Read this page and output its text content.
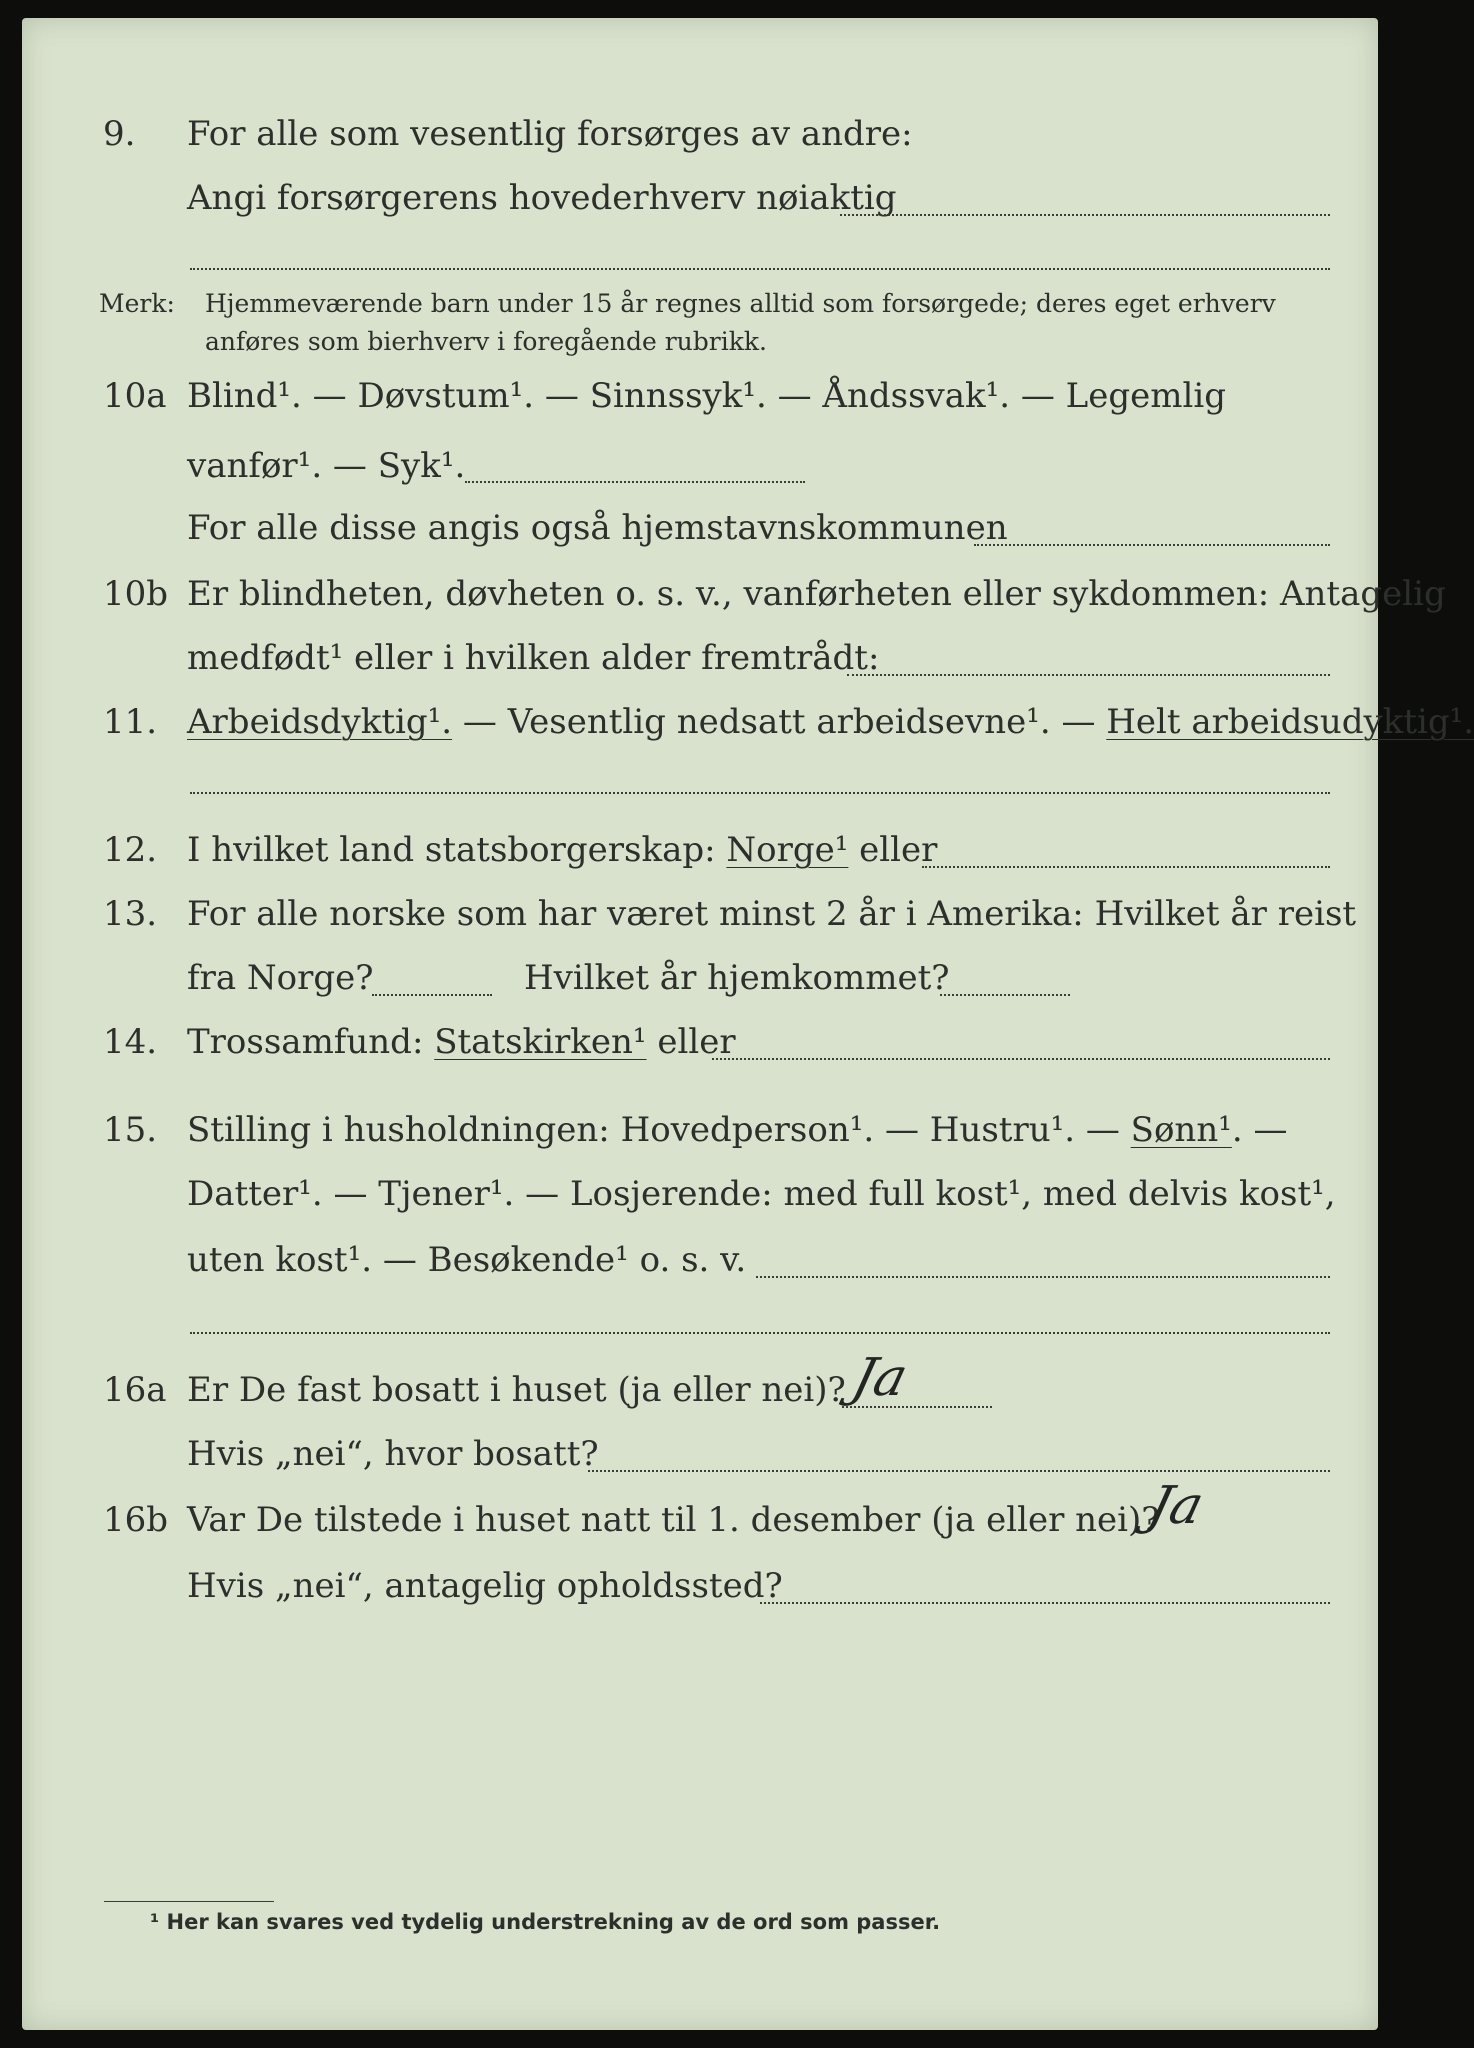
9. For alle som vesentlig forsørges av andre:
Angi forsørgerens hovederhverv nøiaktig
Merk: Hjemmeværende barn under 15 år regnes alltid som forsørgede; deres eget erhverv
anføres som bierhverv i foregående rubrikk.
10a Blind¹. — Døvstum¹. — Sinnssyk¹. — Åndssvak¹. — Legemlig
vanfør¹. — Syk¹.
For alle disse angis også hjemstavnskommunen
10b Er blindheten, døvheten o. s. v., vanførheten eller sykdommen: Antagelig
medfødt¹ eller i hvilken alder fremtrådt:
11. Arbeidsdyktig¹. — Vesentlig nedsatt arbeidsevne¹. — Helt arbeidsudyktig¹.
12. I hvilket land statsborgerskap: Norge¹ eller
13. For alle norske som har været minst 2 år i Amerika: Hvilket år reist
fra Norge?	Hvilket år hjemkommet?
14. Trossamfund: Statskirken¹ eller
15. Stilling i husholdningen: Hovedperson¹. — Hustru¹. — Sønn¹. —
Datter¹. — Tjener¹. — Losjerende: med full kost¹, med delvis kost¹,
uten kost¹. — Besøkende¹ o. s. v.
16a Er De fast bosatt i huset (ja eller nei)? Ja
Hvis „nei“, hvor bosatt?
16b Var De tilstede i huset natt til 1. desember (ja eller nei)?
Ja
Hvis „nei“, antagelig opholdssted?
¹ Her kan svares ved tydelig understrekning av de ord som passer.
